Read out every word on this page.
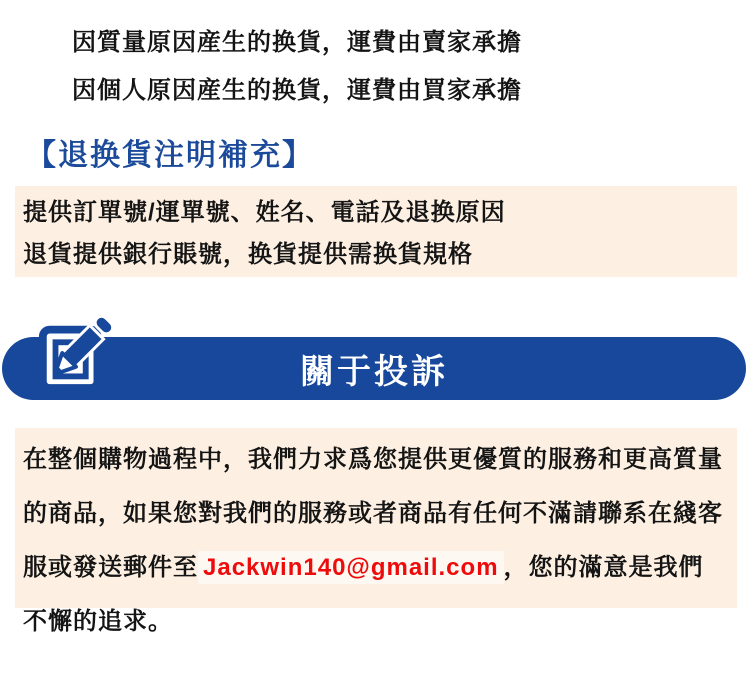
因質量原因産生的换貨，運費由賣家承擔
因個人原因産生的换貨，運費由買家承擔
【退换貨注明補充】
提供訂單號/運單號、姓名、電話及退换原因
退貨提供銀行賬號，换貨提供需换貨規格
關于投訴

在整個購物過程中，我們力求爲您提供更優質的服務和更高質量的商品，如果您對我們的服務或者商品有任何不滿請聯系在綫客服或發送郵件至 Jackwin140@gmail.com ，您的滿意是我們不懈的追求。
